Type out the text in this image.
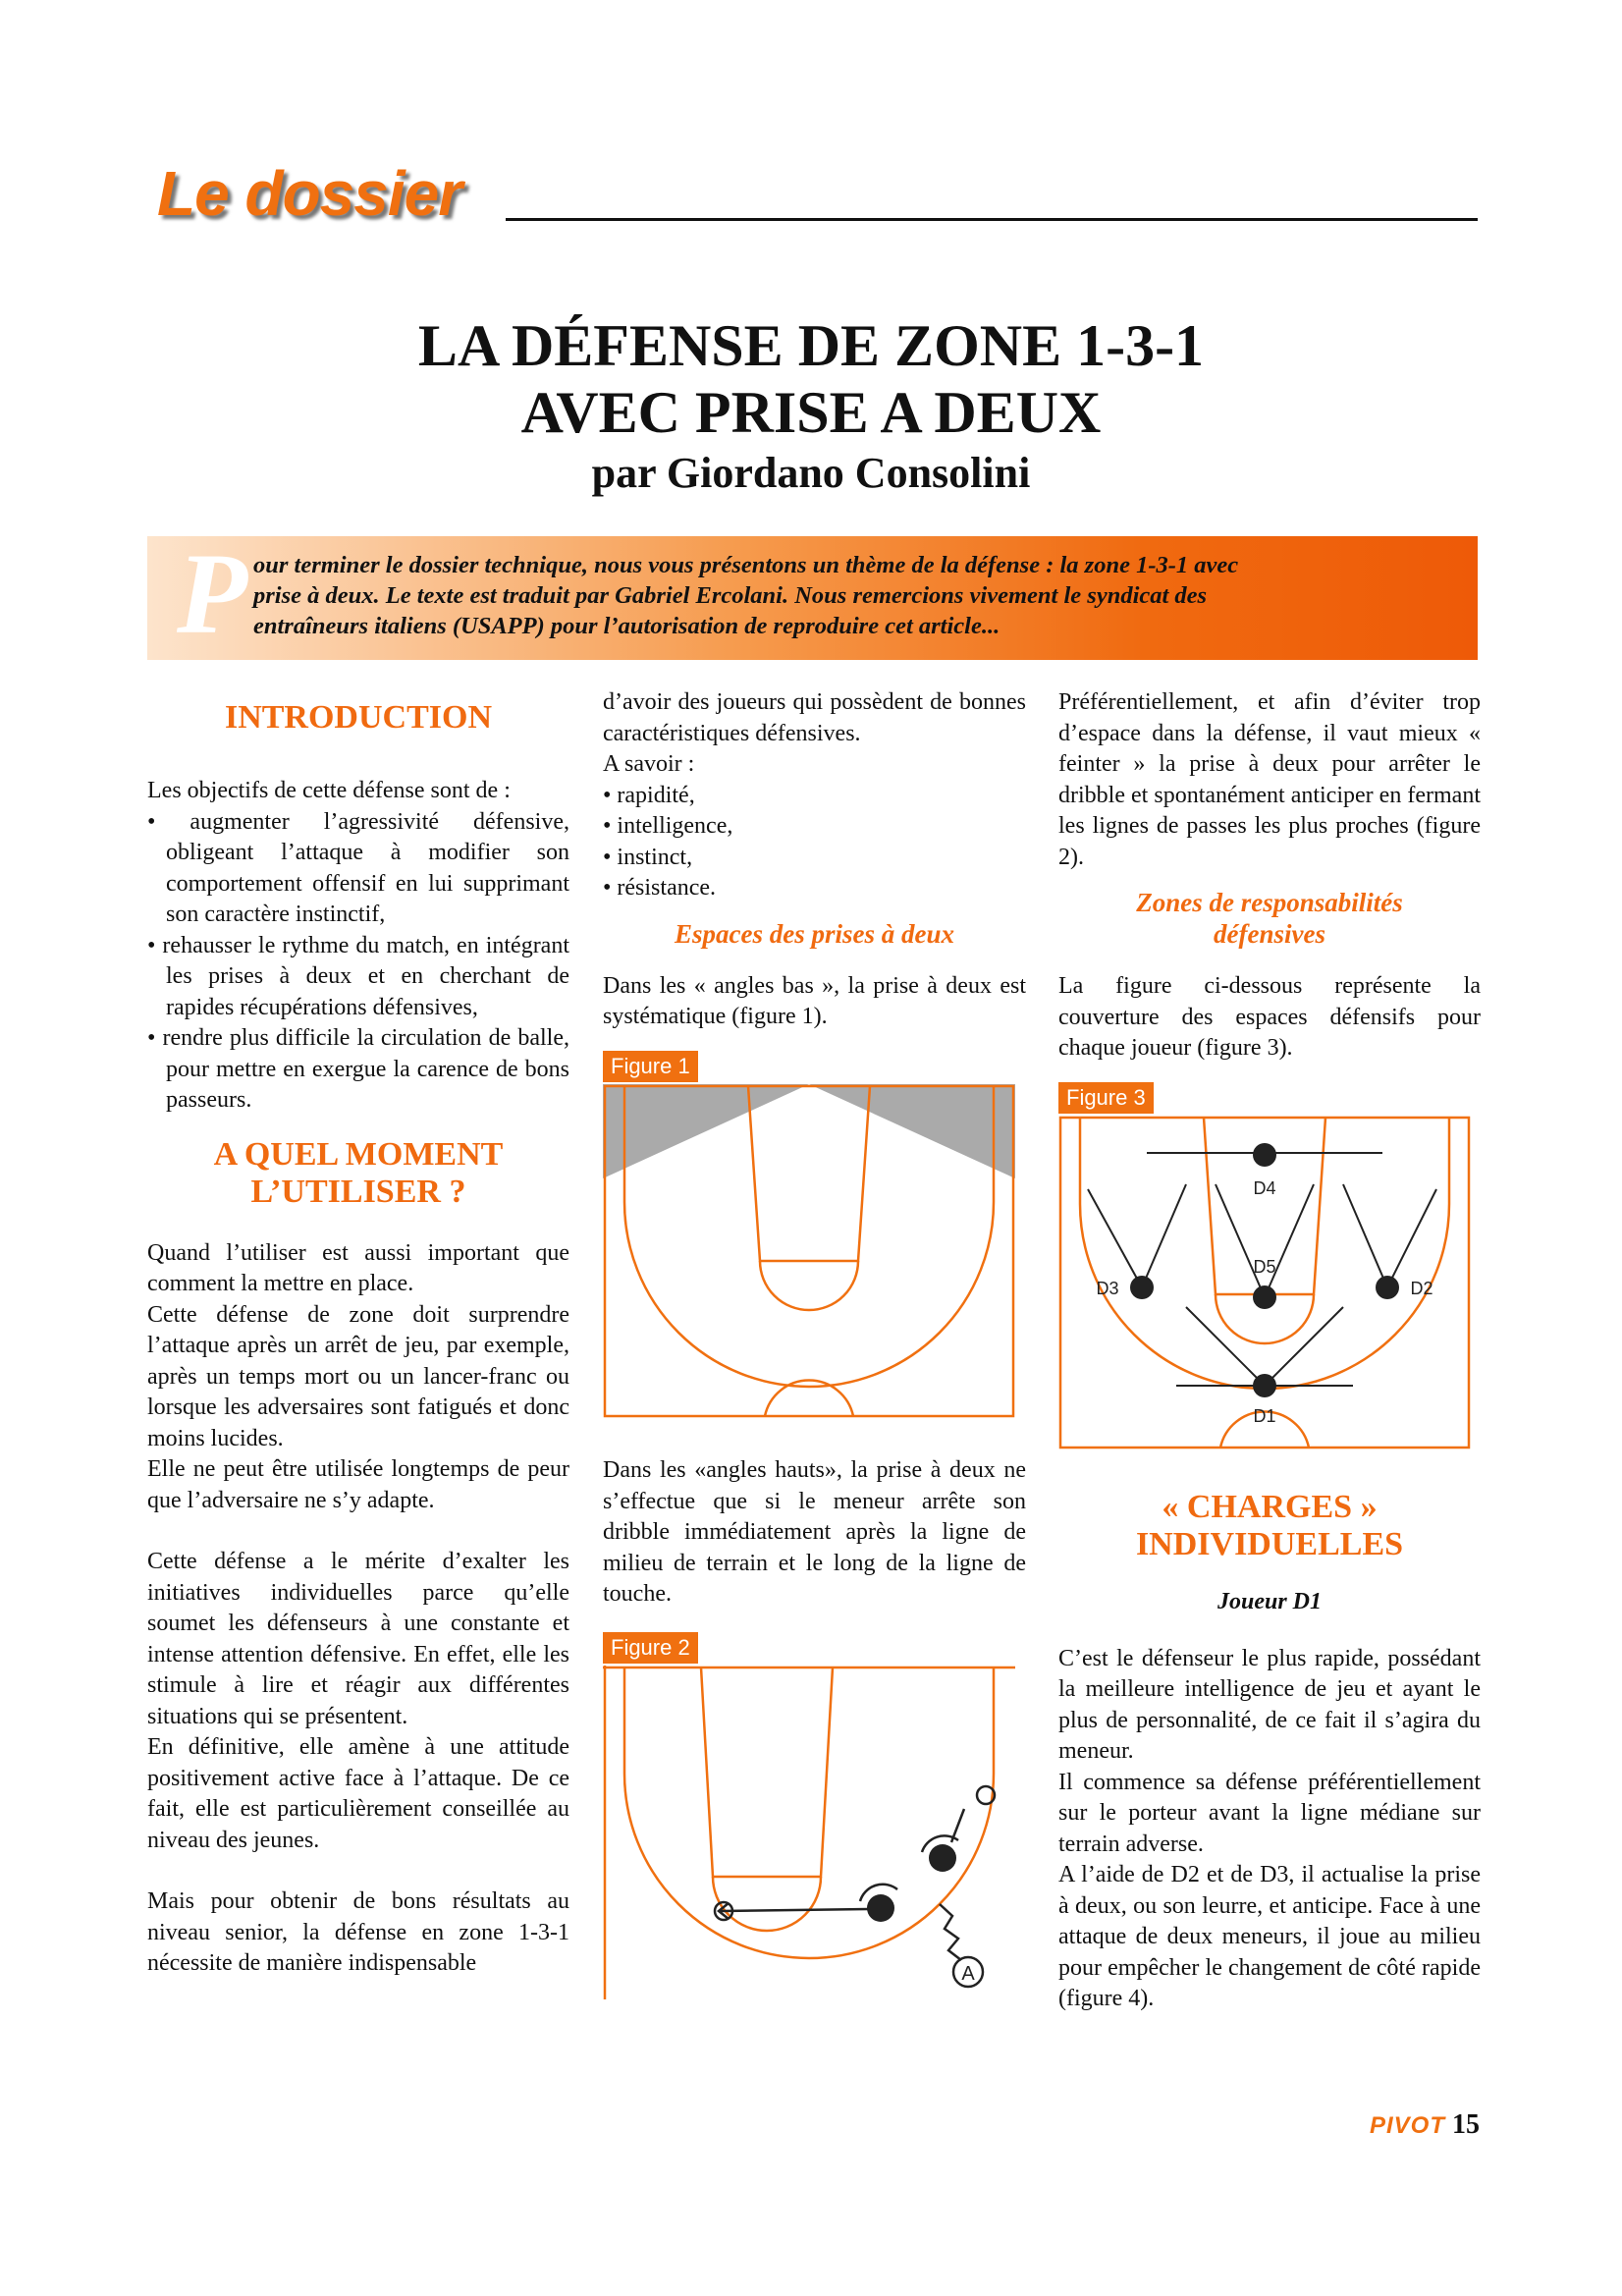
Le dossier
LA DÉFENSE DE ZONE 1-3-1
AVEC PRISE A DEUX
par Giordano Consolini
P our terminer le dossier technique, nous vous présentons un thème de la défense : la zone 1-3-1 avec

prise à deux. Le texte est traduit par Gabriel Ercolani. Nous remercions vivement le syndicat des

entraîneurs italiens (USAPP) pour l’autorisation de reproduire cet article...

INTRODUCTION

Les objectifs de cette défense sont de :

• augmenter l’agressivité défensive, obligeant l’attaque à modifier son comportement offensif en lui supprimant son caractère instinctif,
• rehausser le rythme du match, en intégrant les prises à deux et en cherchant de rapides récupérations défensives,
• rendre plus difficile la circulation de balle, pour mettre en exergue la carence de bons passeurs.
A QUEL MOMENT
L’UTILISER ?

Quand l’utiliser est aussi important que comment la mettre en place.

Cette défense de zone doit surprendre l’attaque après un arrêt de jeu, par exemple, après un temps mort ou un lancer-franc ou lorsque les adversaires sont fatigués et donc moins lucides.

Elle ne peut être utilisée longtemps de peur que l’adversaire ne s’y adapte.

Cette défense a le mérite d’exalter les initiatives individuelles parce qu’elle soumet les défenseurs à une constante et intense attention défensive. En effet, elle les stimule à lire et réagir aux différentes situations qui se présentent.

En définitive, elle amène à une attitude positivement active face à l’attaque. De ce fait, elle est particulièrement conseillée au niveau des jeunes.

Mais pour obtenir de bons résultats au niveau senior, la défense en zone 1-3-1 nécessite de manière indispensable

d’avoir des joueurs qui possèdent de bonnes caractéristiques défensives.

A savoir :

• rapidité,
• intelligence,
• instinct,
• résistance.
Espaces des prises à deux

Dans les « angles bas », la prise à deux est systématique (figure 1).

Figure 1

Dans les «angles hauts», la prise à deux ne s’effectue que si le meneur arrête son dribble immédiatement après la ligne de milieu de terrain et le long de la ligne de touche.

Figure 2
A

Préférentiellement, et afin d’éviter trop d’espace dans la défense, il vaut mieux « feinter » la prise à deux pour arrêter le dribble et spontanément anticiper en fermant les lignes de passes les plus proches (figure 2).

Zones de responsabilités
défensives

La figure ci-dessous représente la couverture des espaces défensifs pour chaque joueur (figure 3).

Figure 3
D4
D5
D3	D2
D1
« CHARGES »
INDIVIDUELLES
Joueur D1

C’est le défenseur le plus rapide, possédant la meilleure intelligence de jeu et ayant le plus de personnalité, de ce fait il s’agira du meneur.

Il commence sa défense préférentiellement sur le porteur avant la ligne médiane sur terrain adverse.

A l’aide de D2 et de D3, il actualise la prise à deux, ou son leurre, et anticipe. Face à une attaque de deux meneurs, il joue au milieu pour empêcher le changement de côté rapide (figure 4).

PIVOT 15
